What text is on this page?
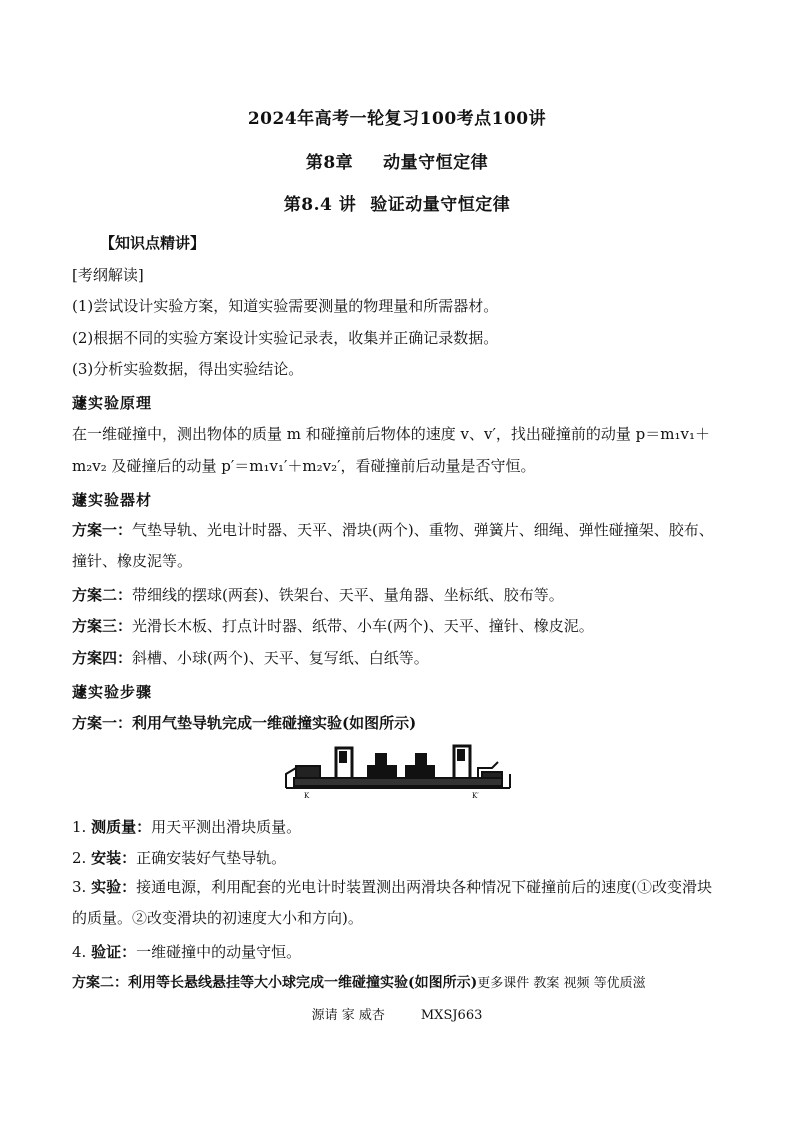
2024年高考一轮复习100考点100讲
第8章 动量守恒定律
第8.4 讲 验证动量守恒定律
【知识点精讲】
[考纲解读]
(1)尝试设计实验方案，知道实验需要测量的物理量和所需器材。
(2)根据不同的实验方案设计实验记录表，收集并正确记录数据。
(3)分析实验数据，得出实验结论。
蘧实验原理
在一维碰撞中，测出物体的质量 m 和碰撞前后物体的速度 v、v′，找出碰撞前的动量 p＝m₁v₁＋
m₂v₂ 及碰撞后的动量 p′＝m₁v₁′＋m₂v₂′，看碰撞前后动量是否守恒。
蘧实验器材
方案一：气垫导轨、光电计时器、天平、滑块(两个)、重物、弹簧片、细绳、弹性碰撞架、胶布、撞针、橡皮泥等。
方案二：带细线的摆球(两套)、铁架台、天平、量角器、坐标纸、胶布等。
方案三：光滑长木板、打点计时器、纸带、小车(两个)、天平、撞针、橡皮泥。
方案四：斜槽、小球(两个)、天平、复写纸、白纸等。
蘧实验步骤
方案一：利用气垫导轨完成一维碰撞实验(如图所示)
K	K′
1. 测质量：用天平测出滑块质量。
2. 安装：正确安装好气垫导轨。
3. 实验：接通电源，利用配套的光电计时装置测出两滑块各种情况下碰撞前后的速度(①改变滑块的质量。②改变滑块的初速度大小和方向)。
4. 验证：一维碰撞中的动量守恒。
方案二：利用等长悬线悬挂等大小球完成一维碰撞实验(如图所示)更多课件 教案 视频 等优质滋
源请 家 威杏	MXSJ663
